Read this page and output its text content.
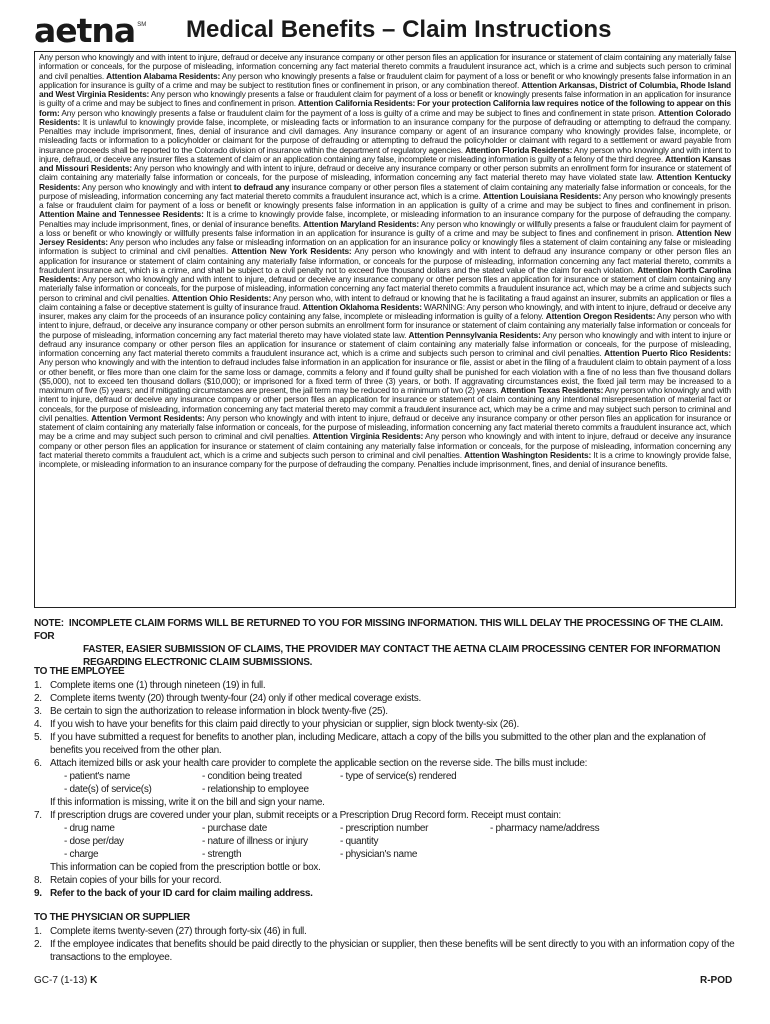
aetna SM Medical Benefits – Claim Instructions

Any person who knowingly and with intent to injure, defraud or deceive any insurance company or other person files an application for insurance or statement of claim containing any materially false information or conceals, for the purpose of misleading, information concerning any fact material thereto commits a fraudulent insurance act, which is a crime and subjects such person to criminal and civil penalties. Attention Alabama Residents: Any person who knowingly presents a false or fraudulent claim for payment of a loss or benefit or who knowingly presents false information in an application for insurance is guilty of a crime and may be subject to restitution fines or confinement in prison, or any combination thereof. Attention Arkansas, District of Columbia, Rhode Island and West Virginia Residents: Any person who knowingly presents a false or fraudulent claim for payment of a loss or benefit or knowingly presents false information in an application for insurance is guilty of a crime and may be subject to fines and confinement in prison. Attention California Residents: For your protection California law requires notice of the following to appear on this form: Any person who knowingly presents a false or fraudulent claim for the payment of a loss is guilty of a crime and may be subject to fines and confinement in state prison. Attention Colorado Residents: It is unlawful to knowingly provide false, incomplete, or misleading facts or information to an insurance company for the purpose of defrauding or attempting to defraud the company. Penalties may include imprisonment, fines, denial of insurance and civil damages. Any insurance company or agent of an insurance company who knowingly provides false, incomplete, or misleading facts or information to a policyholder or claimant for the purpose of defrauding or attempting to defraud the policyholder or claimant with regard to a settlement or award payable from insurance proceeds shall be reported to the Colorado division of insurance within the department of regulatory agencies. Attention Florida Residents: Any person who knowingly and with intent to injure, defraud, or deceive any insurer files a statement of claim or an application containing any false, incomplete or misleading information is guilty of a felony of the third degree. Attention Kansas and Missouri Residents: Any person who knowingly and with intent to injure, defraud or deceive any insurance company or other person submits an enrollment form for insurance or statement of claim containing any materially false information or conceals, for the purpose of misleading, information concerning any fact material thereto may have violated state law. Attention Kentucky Residents: Any person who knowingly and with intent to defraud any insurance company or other person files a statement of claim containing any materially false information or conceals, for the purpose of misleading, information concerning any fact material thereto commits a fraudulent insurance act, which is a crime. Attention Louisiana Residents: Any person who knowingly presents a false or fraudulent claim for payment of a loss or benefit or knowingly presents false information in an application is guilty of a crime and may be subject to fines and confinement in prison. Attention Maine and Tennessee Residents: It is a crime to knowingly provide false, incomplete, or misleading information to an insurance company for the purpose of defrauding the company. Penalties may include imprisonment, fines, or denial of insurance benefits. Attention Maryland Residents: Any person who knowingly or willfully presents a false or fraudulent claim for payment of a loss or benefit or who knowingly or willfully presents false information in an application for insurance is guilty of a crime and may be subject to fines and confinement in prison. Attention New Jersey Residents: Any person who includes any false or misleading information on an application for an insurance policy or knowingly files a statement of claim containing any false or misleading information is subject to criminal and civil penalties. Attention New York Residents: Any person who knowingly and with intent to defraud any insurance company or other person files an application for insurance or statement of claim containing any materially false information, or conceals for the purpose of misleading, information concerning any fact material thereto, commits a fraudulent insurance act, which is a crime, and shall be subject to a civil penalty not to exceed five thousand dollars and the stated value of the claim for each violation. Attention North Carolina Residents: Any person who knowingly and with intent to injure, defraud or deceive any insurance company or other person files an application for insurance or statement of claim containing any materially false information or conceals, for the purpose of misleading, information concerning any fact material thereto commits a fraudulent insurance act, which may be a crime and subjects such person to criminal and civil penalties. Attention Ohio Residents: Any person who, with intent to defraud or knowing that he is facilitating a fraud against an insurer, submits an application or files a claim containing a false or deceptive statement is guilty of insurance fraud. Attention Oklahoma Residents: WARNING: Any person who knowingly, and with intent to injure, defraud or deceive any insurer, makes any claim for the proceeds of an insurance policy containing any false, incomplete or misleading information is guilty of a felony. Attention Oregon Residents: Any person who with intent to injure, defraud, or deceive any insurance company or other person submits an enrollment form for insurance or statement of claim containing any materially false information or conceals for the purpose of misleading, information concerning any fact material thereto may have violated state law. Attention Pennsylvania Residents: Any person who knowingly and with intent to injure or defraud any insurance company or other person files an application for insurance or statement of claim containing any materially false information or conceals, for the purpose of misleading, information concerning any fact material thereto commits a fraudulent insurance act, which is a crime and subjects such person to criminal and civil penalties. Attention Puerto Rico Residents: Any person who knowingly and with the intention to defraud includes false information in an application for insurance or file, assist or abet in the filing of a fraudulent claim to obtain payment of a loss or other benefit, or files more than one claim for the same loss or damage, commits a felony and if found guilty shall be punished for each violation with a fine of no less than five thousand dollars ($5,000), not to exceed ten thousand dollars ($10,000); or imprisoned for a fixed term of three (3) years, or both. If aggravating circumstances exist, the fixed jail term may be increased to a maximum of five (5) years; and if mitigating circumstances are present, the jail term may be reduced to a minimum of two (2) years. Attention Texas Residents: Any person who knowingly and with intent to injure, defraud or deceive any insurance company or other person files an application for insurance or statement of claim containing any intentional misrepresentation of material fact or conceals, for the purpose of misleading, information concerning any fact material thereto may commit a fraudulent insurance act, which may be a crime and may subject such person to criminal and civil penalties. Attention Vermont Residents: Any person who knowingly and with intent to injure, defraud or deceive any insurance company or other person files an application for insurance or statement of claim containing any materially false information or conceals, for the purpose of misleading, information concerning any fact material thereto commits a fraudulent insurance act, which may be a crime and may subject such person to criminal and civil penalties. Attention Virginia Residents: Any person who knowingly and with intent to injure, defraud or deceive any insurance company or other person files an application for insurance or statement of claim containing any materially false information or conceals, for the purpose of misleading, information concerning any fact material thereto commits a fraudulent act, which is a crime and subjects such person to criminal and civil penalties. Attention Washington Residents: It is a crime to knowingly provide false, incomplete, or misleading information to an insurance company for the purpose of defrauding the company. Penalties include imprisonment, fines, and denial of insurance benefits.

NOTE: INCOMPLETE CLAIM FORMS WILL BE RETURNED TO YOU FOR MISSING INFORMATION. THIS WILL DELAY THE PROCESSING OF THE CLAIM. FOR
FASTER, EASIER SUBMISSION OF CLAIMS, THE PROVIDER MAY CONTACT THE AETNA CLAIM PROCESSING CENTER FOR INFORMATION
REGARDING ELECTRONIC CLAIM SUBMISSIONS.
TO THE EMPLOYEE
1. Complete items one (1) through nineteen (19) in full.
2. Complete items twenty (20) through twenty-four (24) only if other medical coverage exists.
3. Be certain to sign the authorization to release information in block twenty-five (25).
4. If you wish to have your benefits for this claim paid directly to your physician or supplier, sign block twenty-six (26).
5. If you have submitted a request for benefits to another plan, including Medicare, attach a copy of the bills you submitted to the other plan and the explanation of benefits you received from the other plan.
6. Attach itemized bills or ask your health care provider to complete the applicable section on the reverse side. The bills must include:
- patient's name	- condition being treated	- type of service(s) rendered
- date(s) of service(s)	- relationship to employee
If this information is missing, write it on the bill and sign your name.
7. If prescription drugs are covered under your plan, submit receipts or a Prescription Drug Record form. Receipt must contain:
- drug name	- purchase date	- prescription number	- pharmacy name/address
- dose per/day	- nature of illness or injury	- quantity
- charge	- strength	- physician's name
This information can be copied from the prescription bottle or box.
8. Retain copies of your bills for your record.
9. Refer to the back of your ID card for claim mailing address.
TO THE PHYSICIAN OR SUPPLIER
1. Complete items twenty-seven (27) through forty-six (46) in full.
2. If the employee indicates that benefits should be paid directly to the physician or supplier, then these benefits will be sent directly to you with an information copy of the transactions to the employee.
GC-7 (1-13) K	R-POD
